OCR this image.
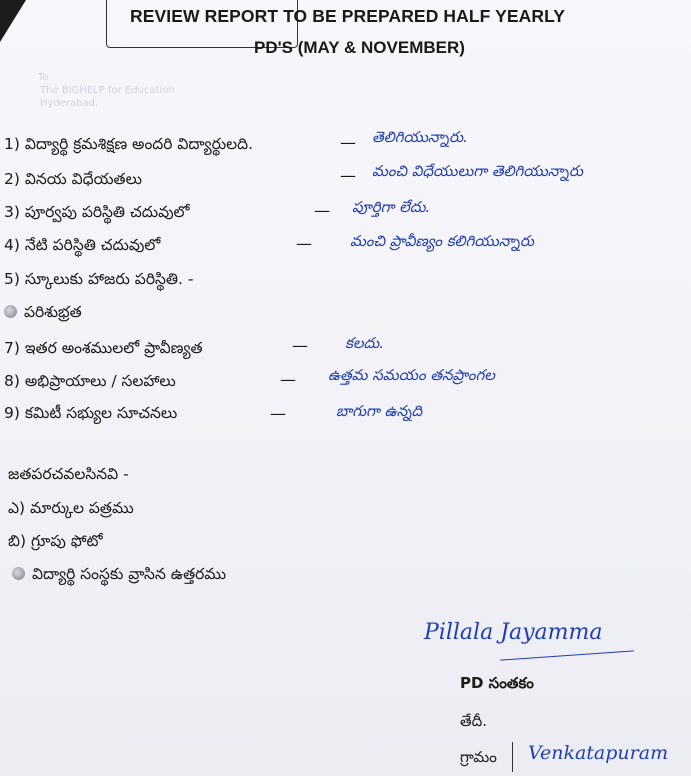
To
The BIGHELP for Education
Hyderabad.
REVIEW REPORT TO BE PREPARED HALF YEARLY
PD'S (MAY & NOVEMBER)
1) విద్యార్థి క్రమశిక్షణ అందరి విద్యార్థులది.	— తెలిగియున్నారు.
2) వినయ విధేయతలు	— మంచి విధేయులుగా తెలిగియున్నారు
3) పూర్వపు పరిస్థితి చదువులో	— పూర్తిగా లేదు.
4) నేటి పరిస్థితి చదువులో	—	మంచి ప్రావీణ్యం కలిగియున్నారు
5) స్కూలుకు హాజరు పరిస్థితి. -
పరిశుభ్రత
7) ఇతర అంశములలో ప్రావీణ్యత	— కలదు.
8) అభిప్రాయాలు / సలహాలు	— ఉత్తమ సమయం తనప్రాంగల
9) కమిటీ సభ్యుల సూచనలు	—	బాగుగా ఉన్నది
జతపరచవలసినవి -
ఎ) మార్కుల పత్రము
బి) గ్రూపు ఫోటో
విద్యార్థి సంస్థకు వ్రాసిన ఉత్తరము
Pillala Jayamma
PD సంతకం
తేదీ.
గ్రామం Venkatapuram
